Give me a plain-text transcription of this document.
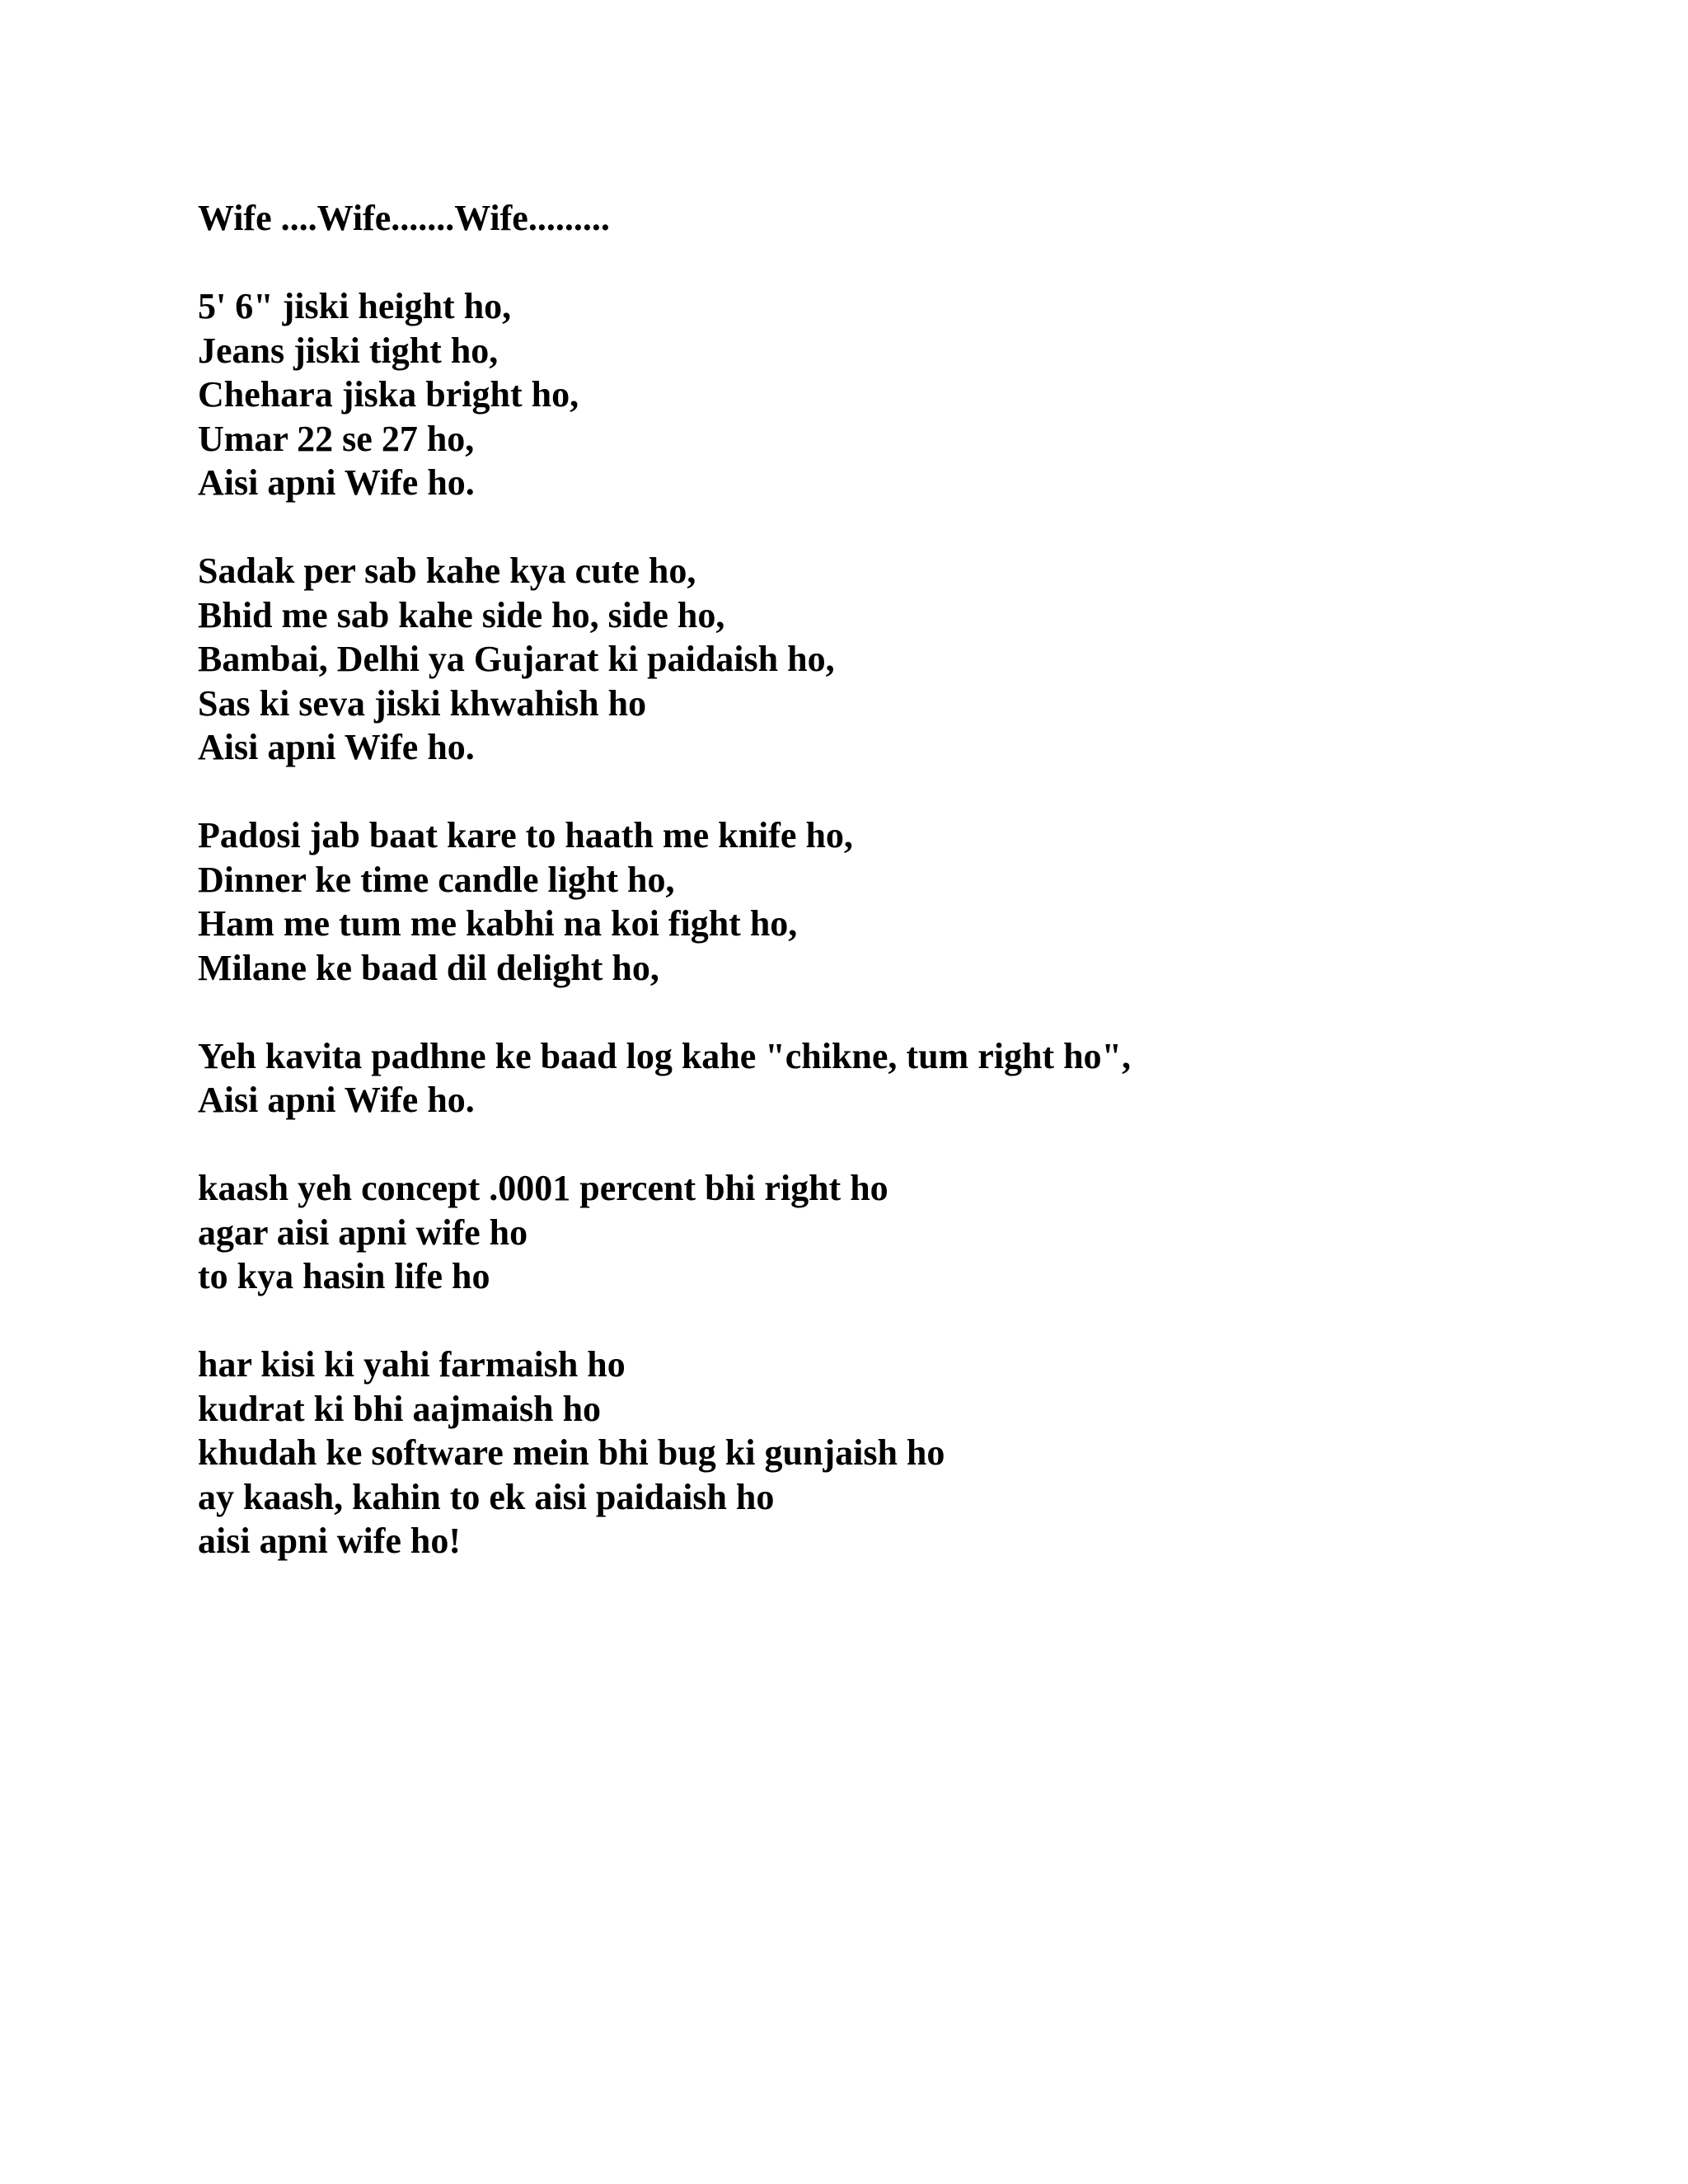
Wife ....Wife.......Wife.........
5' 6" jiski height ho,
Jeans jiski tight ho,
Chehara jiska bright ho,
Umar 22 se 27 ho,
Aisi apni Wife ho.
Sadak per sab kahe kya cute ho,
Bhid me sab kahe side ho, side ho,
Bambai, Delhi ya Gujarat ki paidaish ho,
Sas ki seva jiski khwahish ho
Aisi apni Wife ho.
Padosi jab baat kare to haath me knife ho,
Dinner ke time candle light ho,
Ham me tum me kabhi na koi fight ho,
Milane ke baad dil delight ho,
Yeh kavita padhne ke baad log kahe "chikne, tum right ho",
Aisi apni Wife ho.
kaash yeh concept .0001 percent bhi right ho
agar aisi apni wife ho
to kya hasin life ho
har kisi ki yahi farmaish ho
kudrat ki bhi aajmaish ho
khudah ke software mein bhi bug ki gunjaish ho
ay kaash, kahin to ek aisi paidaish ho
aisi apni wife ho!
